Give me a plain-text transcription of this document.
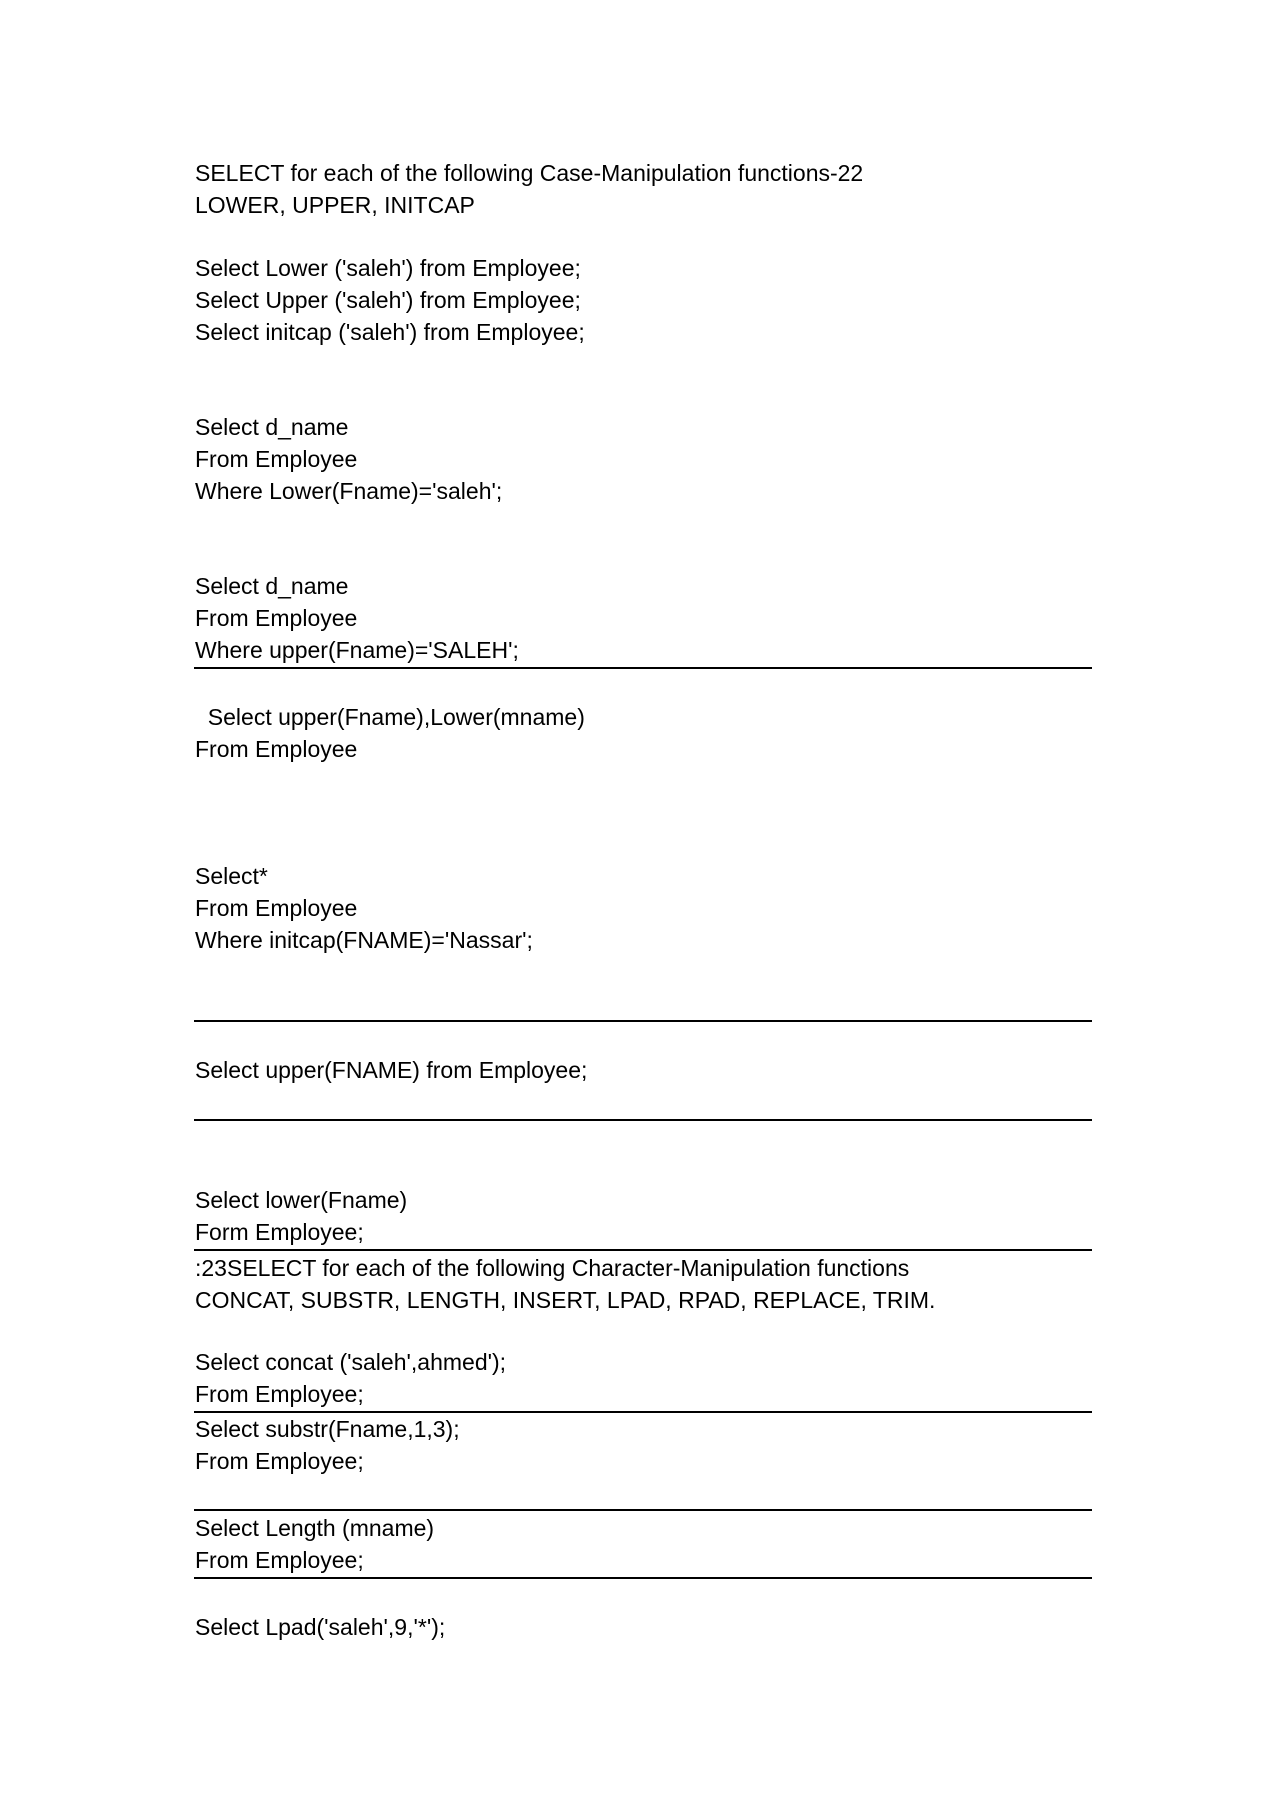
SELECT for each of the following Case-Manipulation functions-22
LOWER, UPPER, INITCAP
Select Lower ('saleh') from Employee;
Select Upper ('saleh') from Employee;
Select initcap ('saleh') from Employee;
Select d_name
From Employee
Where Lower(Fname)='saleh';
Select d_name
From Employee
Where upper(Fname)='SALEH';
Select upper(Fname),Lower(mname)
From Employee
Select*
From Employee
Where initcap(FNAME)='Nassar';
Select upper(FNAME) from Employee;
Select lower(Fname)
Form Employee;
:23SELECT for each of the following Character-Manipulation functions
CONCAT, SUBSTR, LENGTH, INSERT, LPAD, RPAD, REPLACE, TRIM.
Select concat ('saleh',ahmed');
From Employee;
Select substr(Fname,1,3);
From Employee;
Select Length (mname)
From Employee;
Select Lpad('saleh',9,'*');
